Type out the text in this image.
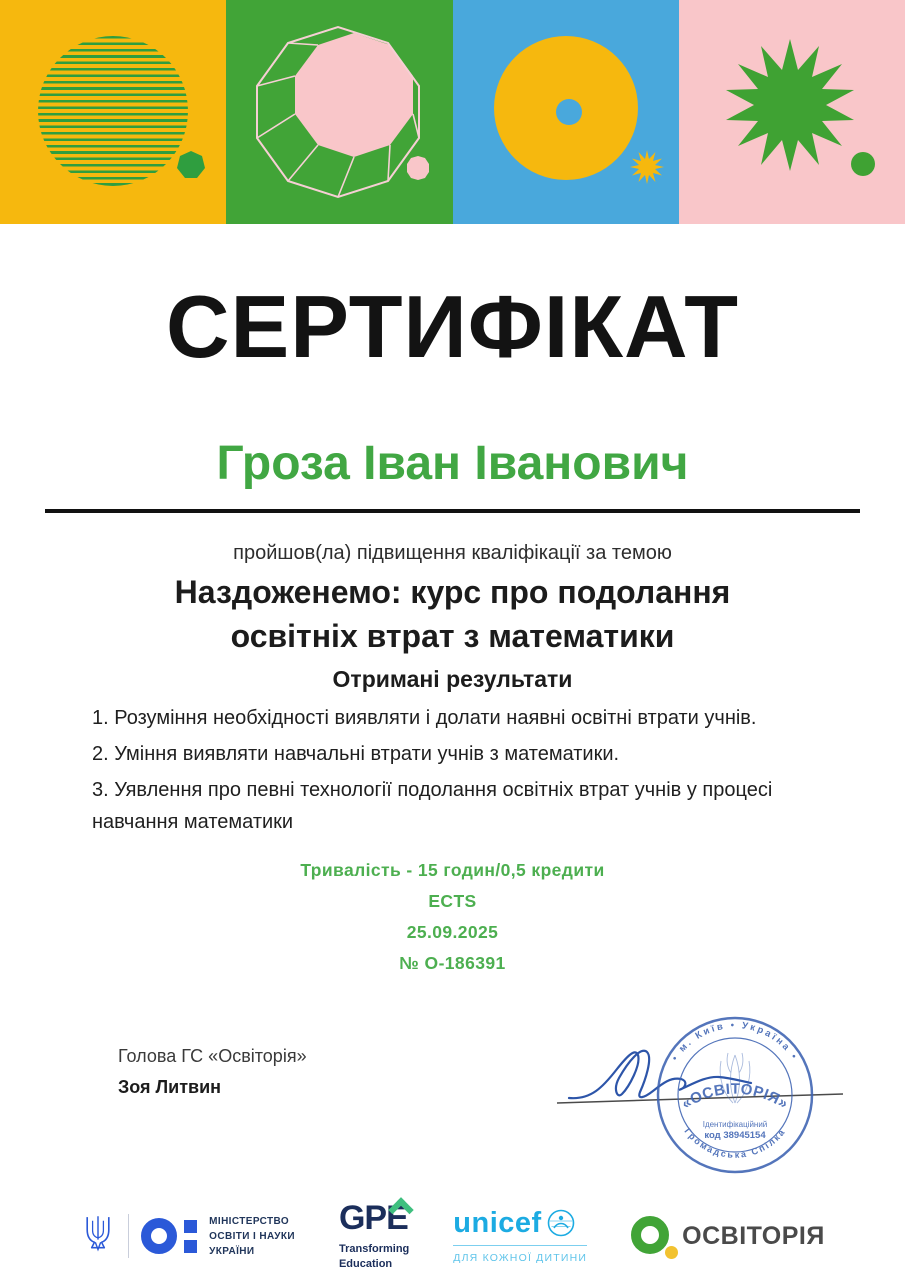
СЕРТИФІКАТ
Гроза Іван Іванович
пройшов(ла) підвищення кваліфікації за темою
Наздоженемо: курс про подолання освітніх втрат з математики
Отримані результати
1. Розуміння необхідності виявляти і долати наявні освітні втрати учнів.
2. Уміння виявляти навчальні втрати учнів з математики.
3. Уявлення про певні технології подолання освітніх втрат учнів у процесі навчання математики
Тривалість - 15 годин/0,5 кредити
ECTS
25.09.2025
№ О-186391
Голова ГС «Освіторія»
Зоя Литвин
• м. Київ • Україна •
Громадська Спілка
«ОСВІТОРІЯ»
Ідентифікаційний
код 38945154
МІНІСТЕРСТВО
ОСВІТИ І НАУКИ
УКРАЇНИ
GPE
Transforming
Education
unicef
ДЛЯ КОЖНОЇ ДИТИНИ
ОСВІТОРІЯ
